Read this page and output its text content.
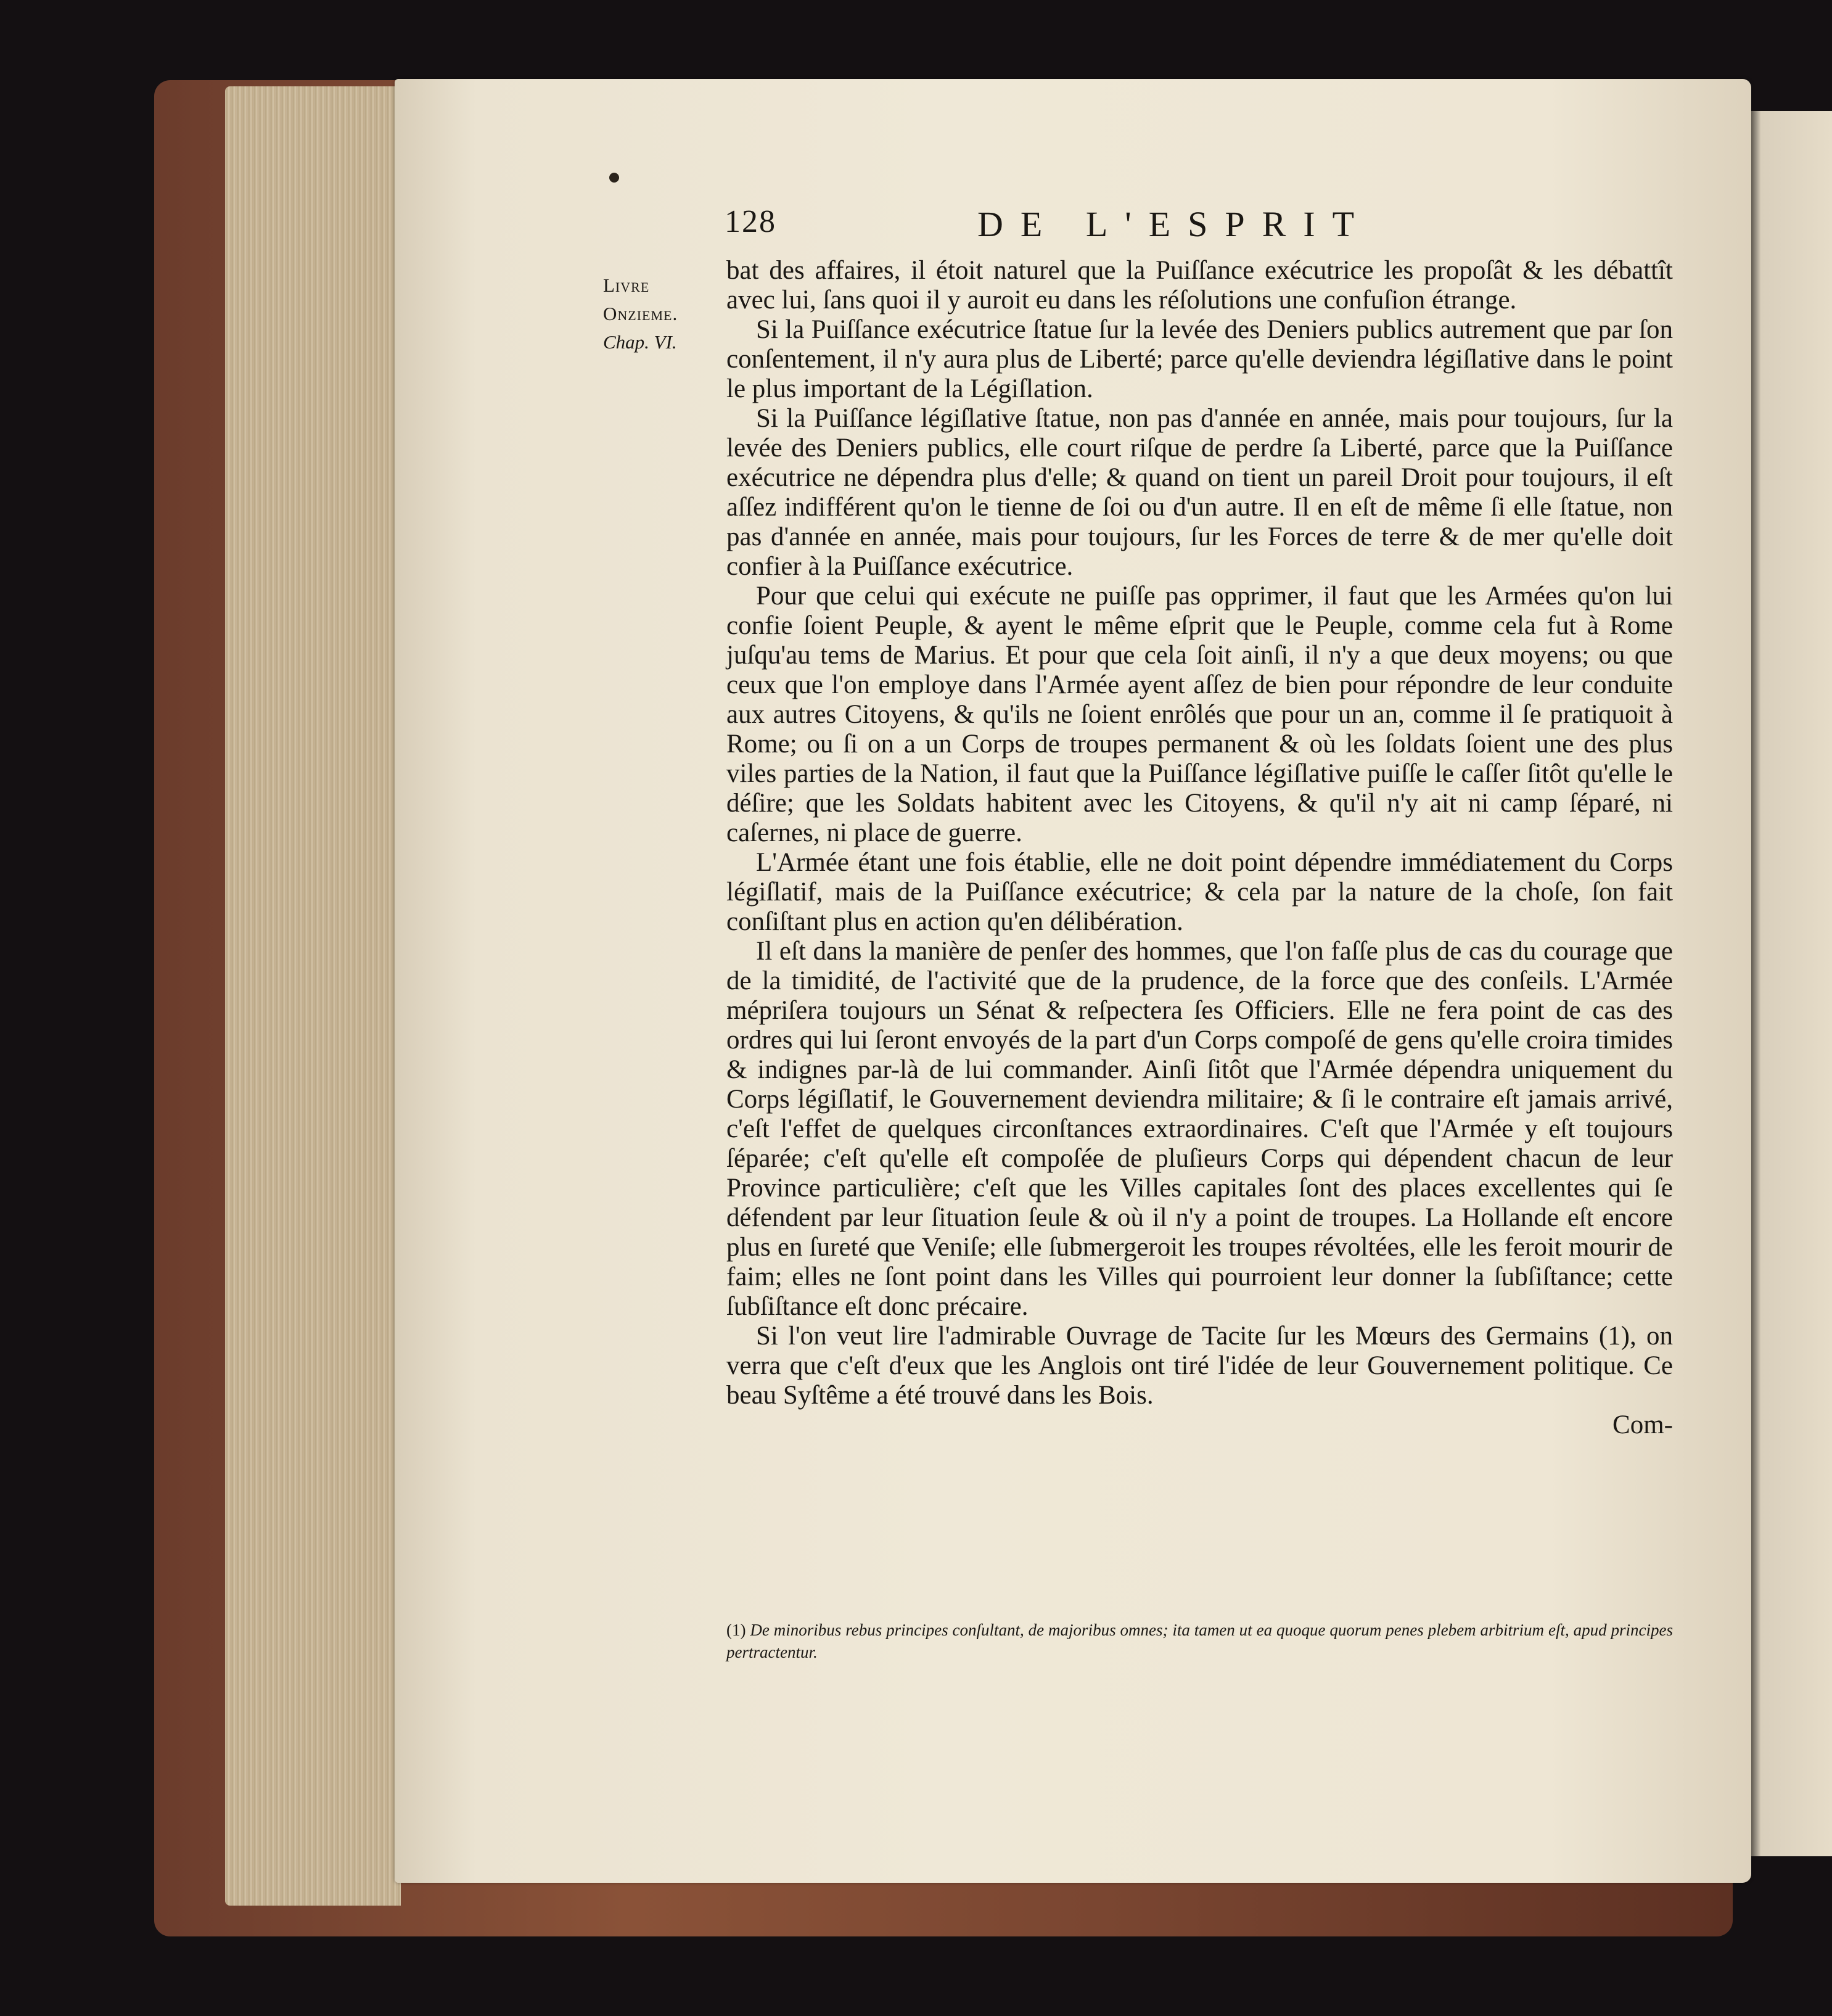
128	DE L'ESPRIT
Livre
Onzieme.
Chap. VI.

bat des affaires, il étoit naturel que la Puiſſance exécutrice les propoſât & les débattît avec lui, ſans quoi il y auroit eu dans les réſolutions une confuſion étrange.

Si la Puiſſance exécutrice ſtatue ſur la levée des Deniers publics autrement que par ſon conſentement, il n'y aura plus de Liberté; parce qu'elle deviendra légiſlative dans le point le plus important de la Légiſlation.

Si la Puiſſance légiſlative ſtatue, non pas d'année en année, mais pour toujours, ſur la levée des Deniers publics, elle court riſque de perdre ſa Liberté, parce que la Puiſſance exécutrice ne dépendra plus d'elle; & quand on tient un pareil Droit pour toujours, il eſt aſſez indifférent qu'on le tienne de ſoi ou d'un autre. Il en eſt de même ſi elle ſtatue, non pas d'année en année, mais pour toujours, ſur les Forces de terre & de mer qu'elle doit confier à la Puiſſance exécutrice.

Pour que celui qui exécute ne puiſſe pas opprimer, il faut que les Armées qu'on lui confie ſoient Peuple, & ayent le même eſprit que le Peuple, comme cela fut à Rome juſqu'au tems de Marius. Et pour que cela ſoit ainſi, il n'y a que deux moyens; ou que ceux que l'on employe dans l'Armée ayent aſſez de bien pour répondre de leur conduite aux autres Citoyens, & qu'ils ne ſoient enrôlés que pour un an, comme il ſe pratiquoit à Rome; ou ſi on a un Corps de troupes permanent & où les ſoldats ſoient une des plus viles parties de la Nation, il faut que la Puiſſance légiſlative puiſſe le caſſer ſitôt qu'elle le déſire; que les Soldats habitent avec les Citoyens, & qu'il n'y ait ni camp ſéparé, ni caſernes, ni place de guerre.

L'Armée étant une fois établie, elle ne doit point dépendre immédiatement du Corps légiſlatif, mais de la Puiſſance exécutrice; & cela par la nature de la choſe, ſon fait conſiſtant plus en action qu'en délibération.

Il eſt dans la manière de penſer des hommes, que l'on faſſe plus de cas du courage que de la timidité, de l'activité que de la prudence, de la force que des conſeils. L'Armée mépriſera toujours un Sénat & reſpectera ſes Officiers. Elle ne fera point de cas des ordres qui lui ſeront envoyés de la part d'un Corps compoſé de gens qu'elle croira timides & indignes par-là de lui commander. Ainſi ſitôt que l'Armée dépendra uniquement du Corps légiſlatif, le Gouvernement deviendra militaire; & ſi le contraire eſt jamais arrivé, c'eſt l'effet de quelques circonſtances extraordinaires. C'eſt que l'Armée y eſt toujours ſéparée; c'eſt qu'elle eſt compoſée de pluſieurs Corps qui dépendent chacun de leur Province particulière; c'eſt que les Villes capitales ſont des places excellentes qui ſe défendent par leur ſituation ſeule & où il n'y a point de troupes. La Hollande eſt encore plus en ſureté que Veniſe; elle ſubmergeroit les troupes révoltées, elle les feroit mourir de faim; elles ne ſont point dans les Villes qui pourroient leur donner la ſubſiſtance; cette ſubſiſtance eſt donc précaire.

Si l'on veut lire l'admirable Ouvrage de Tacite ſur les Mœurs des Germains (1), on verra que c'eſt d'eux que les Anglois ont tiré l'idée de leur Gouvernement politique. Ce beau Syſtême a été trouvé dans les Bois.

Com-

(1) De minoribus rebus principes conſultant, de majoribus omnes; ita tamen ut ea quoque quorum penes plebem arbitrium eſt, apud principes pertractentur.
